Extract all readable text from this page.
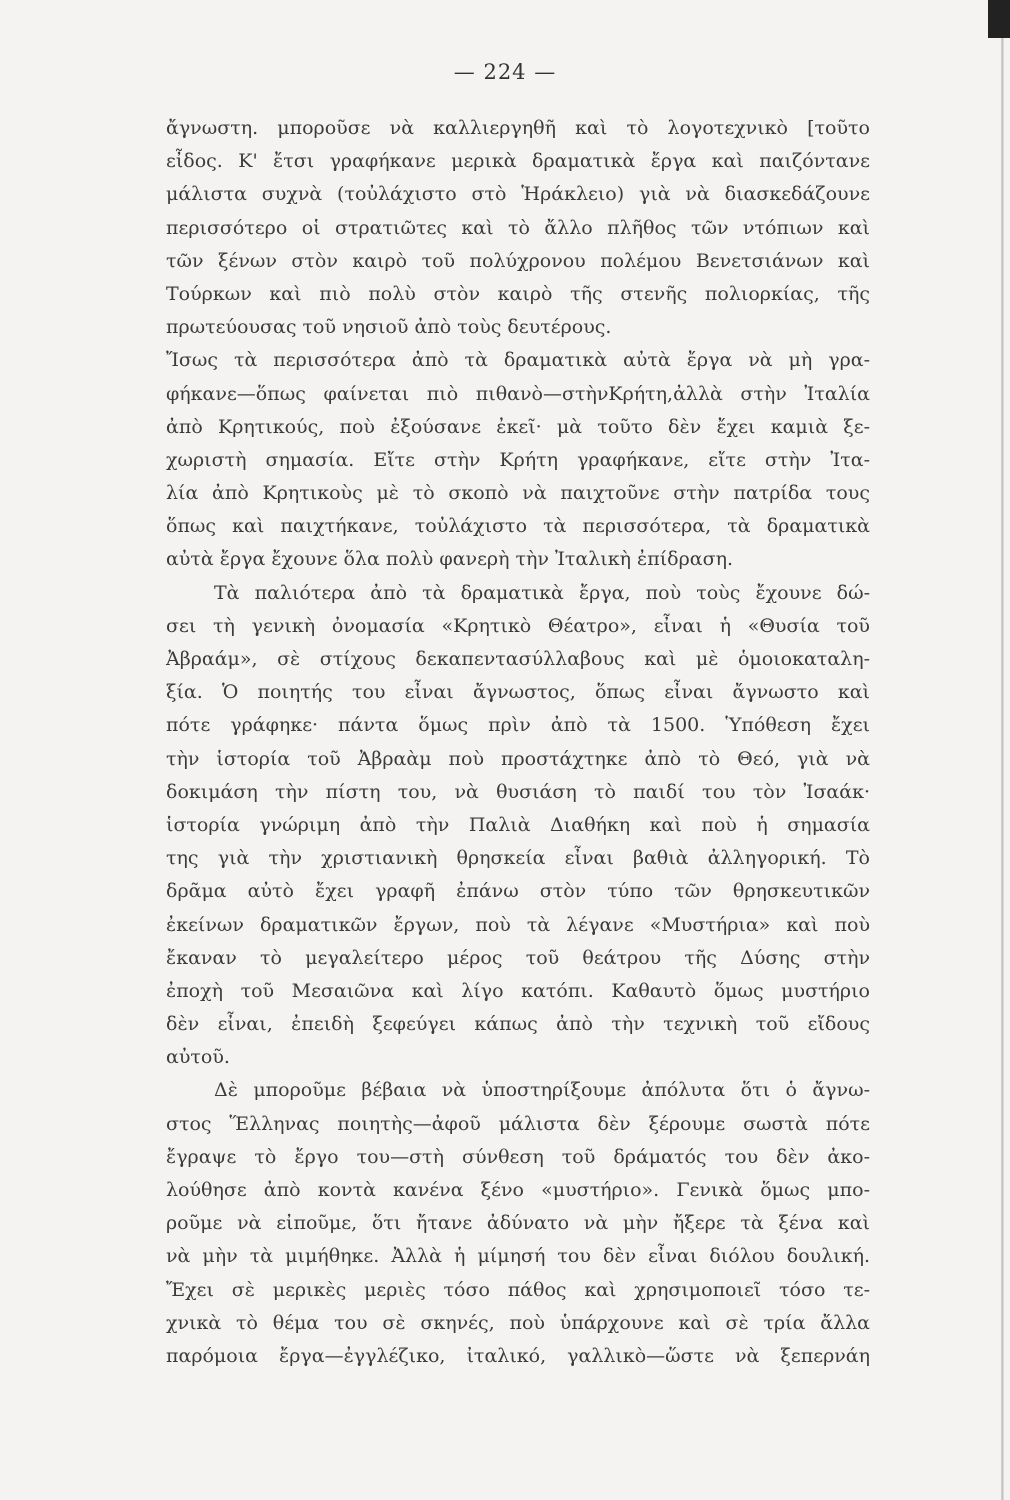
— 224 —
ἄγνωστη. μποροῦσε νὰ καλλιεργηθῆ καὶ τὸ λογοτεχνικὸ [τοῦτο
εἶδος. Κ' ἔτσι γραφήκανε μερικὰ δραματικὰ ἔργα καὶ παιζόντανε
μάλιστα συχνὰ (τοὐλάχιστο στὸ Ἡράκλειο) γιὰ νὰ διασκεδάζουνε
περισσότερο οἱ στρατιῶτες καὶ τὸ ἄλλο πλῆθος τῶν ντόπιων καὶ
τῶν ξένων στὸν καιρὸ τοῦ πολύχρονου πολέμου Βενετσιάνων καὶ
Τούρκων καὶ πιὸ πολὺ στὸν καιρὸ τῆς στενῆς πολιορκίας, τῆς
πρωτεύουσας τοῦ νησιοῦ ἀπὸ τοὺς δευτέρους.
Ἴσως τὰ περισσότερα ἀπὸ τὰ δραματικὰ αὐτὰ ἔργα νὰ μὴ γρα-
φήκανε—ὅπως φαίνεται πιὸ πιθανὸ—στὴνΚρήτη,ἀλλὰ στὴν Ἰταλία
ἀπὸ Κρητικούς, ποὺ ἐξούσανε ἐκεῖ· μὰ τοῦτο δὲν ἔχει καμιὰ ξε-
χωριστὴ σημασία. Εἴτε στὴν Κρήτη γραφήκανε, εἴτε στὴν Ἰτα-
λία ἀπὸ Κρητικοὺς μὲ τὸ σκοπὸ νὰ παιχτοῦνε στὴν πατρίδα τους
ὅπως καὶ παιχτήκανε, τοὐλάχιστο τὰ περισσότερα, τὰ δραματικὰ
αὐτὰ ἔργα ἔχουνε ὅλα πολὺ φανερὴ τὴν Ἰταλικὴ ἐπίδραση.
Τὰ παλιότερα ἀπὸ τὰ δραματικὰ ἔργα, ποὺ τοὺς ἔχουνε δώ-
σει τὴ γενικὴ ὀνομασία «Κρητικὸ Θέατρο», εἶναι ἡ «Θυσία τοῦ
Ἀβραάμ», σὲ στίχους δεκαπεντασύλλαβους καὶ μὲ ὁμοιοκαταλη-
ξία. Ὁ ποιητής του εἶναι ἄγνωστος, ὅπως εἶναι ἄγνωστο καὶ
πότε γράφηκε· πάντα ὅμως πρὶν ἀπὸ τὰ 1500. Ὑπόθεση ἔχει
τὴν ἱστορία τοῦ Ἀβραὰμ ποὺ προστάχτηκε ἀπὸ τὸ Θεό, γιὰ νὰ
δοκιμάση τὴν πίστη του, νὰ θυσιάση τὸ παιδί του τὸν Ἰσαάκ·
ἱστορία γνώριμη ἀπὸ τὴν Παλιὰ Διαθήκη καὶ ποὺ ἡ σημασία
της γιὰ τὴν χριστιανικὴ θρησκεία εἶναι βαθιὰ ἀλληγορική. Τὸ
δρᾶμα αὐτὸ ἔχει γραφῆ ἐπάνω στὸν τύπο τῶν θρησκευτικῶν
ἐκείνων δραματικῶν ἔργων, ποὺ τὰ λέγανε «Μυστήρια» καὶ ποὺ
ἔκαναν τὸ μεγαλείτερο μέρος τοῦ θεάτρου τῆς Δύσης στὴν
ἐποχὴ τοῦ Μεσαιῶνα καὶ λίγο κατόπι. Καθαυτὸ ὅμως μυστήριο
δὲν εἶναι, ἐπειδὴ ξεφεύγει κάπως ἀπὸ τὴν τεχνικὴ τοῦ εἴδους
αὐτοῦ.
Δὲ μποροῦμε βέβαια νὰ ὑποστηρίξουμε ἀπόλυτα ὅτι ὁ ἄγνω-
στος Ἕλληνας ποιητὴς—ἀφοῦ μάλιστα δὲν ξέρουμε σωστὰ πότε
ἔγραψε τὸ ἔργο του—στὴ σύνθεση τοῦ δράματός του δὲν ἀκο-
λούθησε ἀπὸ κοντὰ κανένα ξένο «μυστήριο». Γενικὰ ὅμως μπο-
ροῦμε νὰ εἰποῦμε, ὅτι ἤτανε ἀδύνατο νὰ μὴν ἤξερε τὰ ξένα καὶ
νὰ μὴν τὰ μιμήθηκε. Ἀλλὰ ἡ μίμησή του δὲν εἶναι διόλου δουλική.
Ἔχει σὲ μερικὲς μεριὲς τόσο πάθος καὶ χρησιμοποιεῖ τόσο τε-
χνικὰ τὸ θέμα του σὲ σκηνές, ποὺ ὑπάρχουνε καὶ σὲ τρία ἄλλα
παρόμοια ἔργα—ἐγγλέζικο, ἰταλικό, γαλλικὸ—ὥστε νὰ ξεπερνάη
